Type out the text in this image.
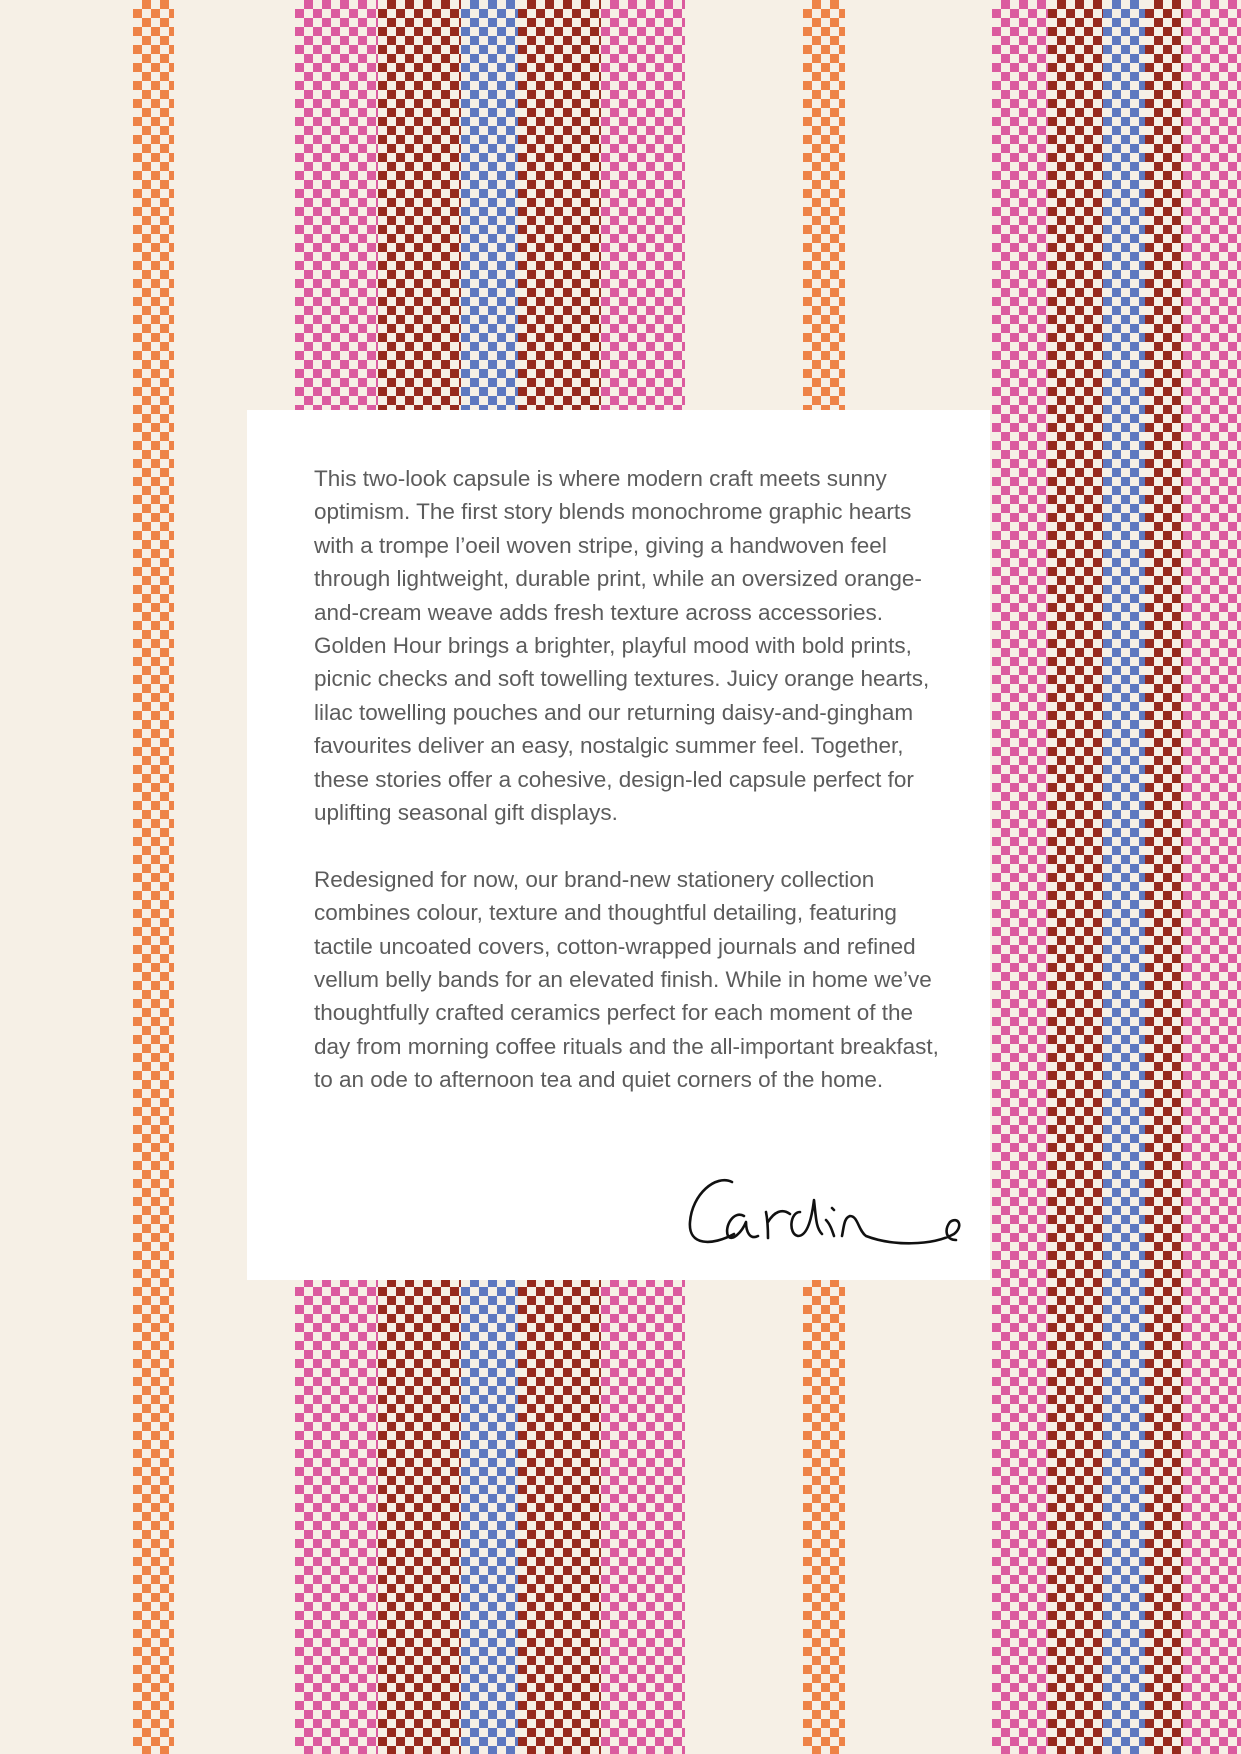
This two-look capsule is where modern craft meets sunny optimism. The first story blends monochrome graphic hearts with a trompe l’oeil woven stripe, giving a handwoven feel through lightweight, durable print, while an oversized orange-and-cream weave adds fresh texture across accessories. Golden Hour brings a brighter, playful mood with bold prints, picnic checks and soft towelling textures. Juicy orange hearts, lilac towelling pouches and our returning daisy-and-gingham favourites deliver an easy, nostalgic summer feel. Together, these stories offer a cohesive, design-led capsule perfect for uplifting seasonal gift displays.

Redesigned for now, our brand-new stationery collection combines colour, texture and thoughtful detailing, featuring tactile uncoated covers, cotton-wrapped journals and refined vellum belly bands for an elevated finish. While in home we’ve thoughtfully crafted ceramics perfect for each moment of the day from morning coffee rituals and the all-important breakfast, to an ode to afternoon tea and quiet corners of the home.
